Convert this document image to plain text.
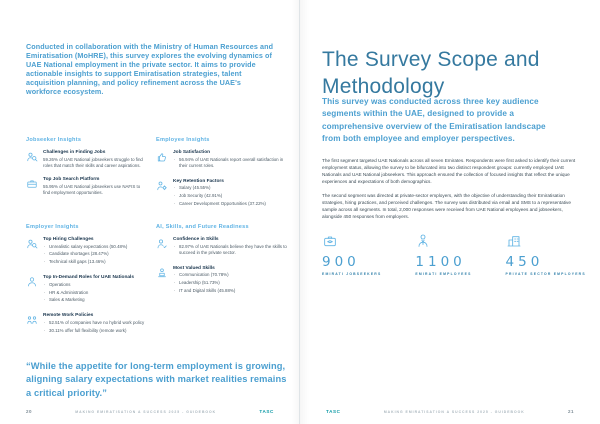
Conducted in collaboration with the Ministry of Human Resources and Emiratisation (MoHRE), this survey explores the evolving dynamics of UAE National employment in the private sector. It aims to provide actionable insights to support Emiratisation strategies, talent acquisition planning, and policy refinement across the UAE's workforce ecosystem.

Jobseeker Insights

Challenges in Finding Jobs

59.26% of UAE National jobseekers struggle to find roles that match their skills and career aspirations.

Top Job Search Platform

55.95% of UAE National jobseekers use NAFIS to find employment opportunities.

Employee Insights

Job Satisfaction

· 56.94% of UAE Nationals report overall satisfaction in their current roles.

Key Retention Factors

· Salary (45.55%)
· Job Security (42.91%)
· Career Development Opportunities (37.22%)
Employer Insights

Top Hiring Challenges

· Unrealistic salary expectations (50.48%)
· Candidate shortages (28.47%)
· Technical skill gaps (13.46%)

Top In-Demand Roles for UAE Nationals

· Operations
· HR & Administration
· Sales & Marketing

Remote Work Policies

· 52.51% of companies have no hybrid work policy
· 30.11% offer full flexibility (remote work)
AI, Skills, and Future Readiness

Confidence in Skills

· 82.97% of UAE Nationals believe they have the skills to succeed in the private sector.

Most Valued Skills

· Communication (70.78%)
· Leadership (51.73%)
· IT and Digital Skills (45.88%)

“While the appetite for long-term employment is growing, aligning salary expectations with market realities remains a critical priority.”

20	MAKING EMIRATISATION A SUCCESS 2025 - GUIDEBOOK	TASC
The Survey Scope and Methodology

This survey was conducted across three key audience segments within the UAE, designed to provide a comprehensive overview of the Emiratisation landscape from both employee and employer perspectives.

The first segment targeted UAE Nationals across all seven Emirates. Respondents were first asked to identify their current employment status, allowing the survey to be bifurcated into two distinct respondent groups: currently employed UAE Nationals and UAE National jobseekers. This approach ensured the collection of focused insights that reflect the unique experiences and expectations of both demographics.

The second segment was directed at private-sector employers, with the objective of understanding their Emiratisation strategies, hiring practices, and perceived challenges. The survey was distributed via email and SMS to a representative sample across all segments. In total, 2,000 responses were received from UAE National employees and jobseekers, alongside 450 responses from employers.

900
EMIRATI JOBSEEKERS
1100
EMIRATI EMPLOYEES
450
PRIVATE SECTOR EMPLOYERS
TASC	MAKING EMIRATISATION A SUCCESS 2025 - GUIDEBOOK	21
